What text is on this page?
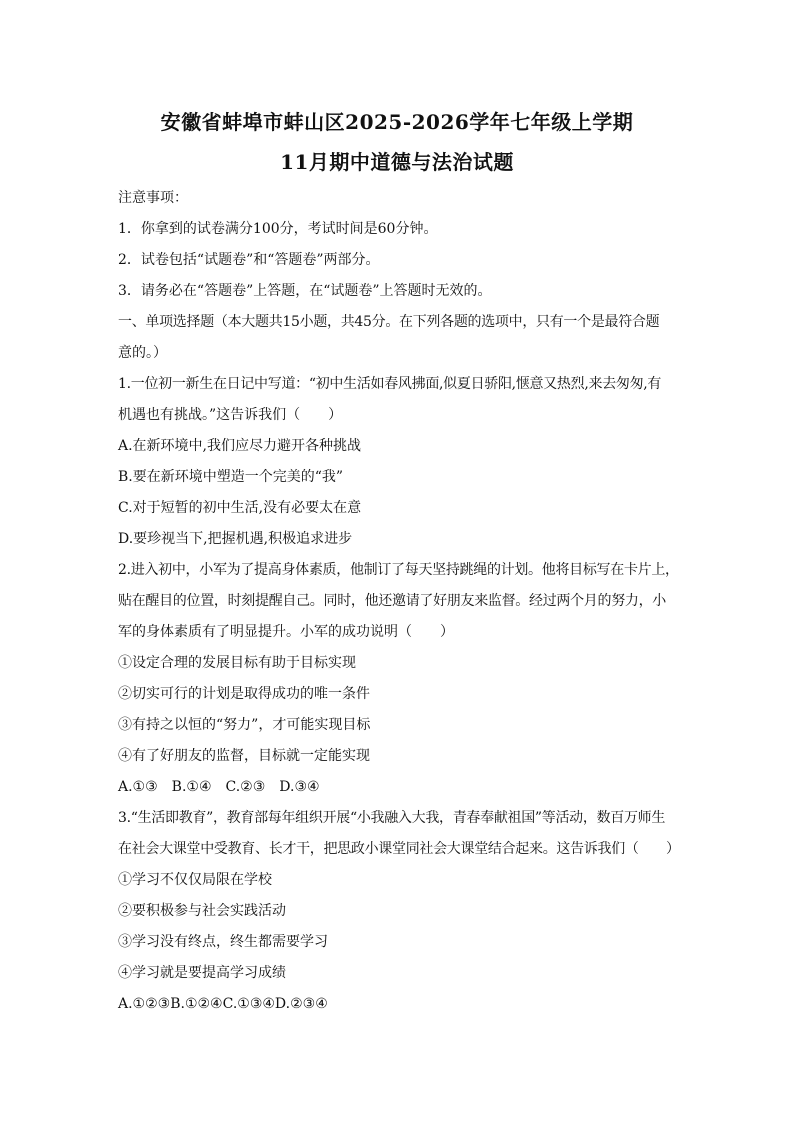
安徽省蚌埠市蚌山区2025-2026学年七年级上学期
11月期中道德与法治试题
注意事项：
1．你拿到的试卷满分100分，考试时间是60分钟。
2．试卷包括“试题卷”和“答题卷”两部分。
3．请务必在“答题卷”上答题，在“试题卷”上答题时无效的。
一、单项选择题（本大题共15小题，共45分。在下列各题的选项中，只有一个是最符合题
意的。）
1.一位初一新生在日记中写道：“初中生活如春风拂面,似夏日骄阳,惬意又热烈,来去匆匆,有
机遇也有挑战。”这告诉我们（　　）
A.在新环境中,我们应尽力避开各种挑战
B.要在新环境中塑造一个完美的“我”
C.对于短暂的初中生活,没有必要太在意
D.要珍视当下,把握机遇,积极追求进步
2.进入初中，小军为了提高身体素质，他制订了每天坚持跳绳的计划。他将目标写在卡片上，
贴在醒目的位置，时刻提醒自己。同时，他还邀请了好朋友来监督。经过两个月的努力，小
军的身体素质有了明显提升。小军的成功说明（　　）
①设定合理的发展目标有助于目标实现
②切实可行的计划是取得成功的唯一条件
③有持之以恒的“努力”，才可能实现目标
④有了好朋友的监督，目标就一定能实现
A.①③　B.①④　C.②③　D.③④
3.“生活即教育”，教育部每年组织开展“小我融入大我，青春奉献祖国”等活动，数百万师生
在社会大课堂中受教育、长才干，把思政小课堂同社会大课堂结合起来。这告诉我们（　　）
①学习不仅仅局限在学校
②要积极参与社会实践活动
③学习没有终点，终生都需要学习
④学习就是要提高学习成绩
A.①②③B.①②④C.①③④D.②③④
